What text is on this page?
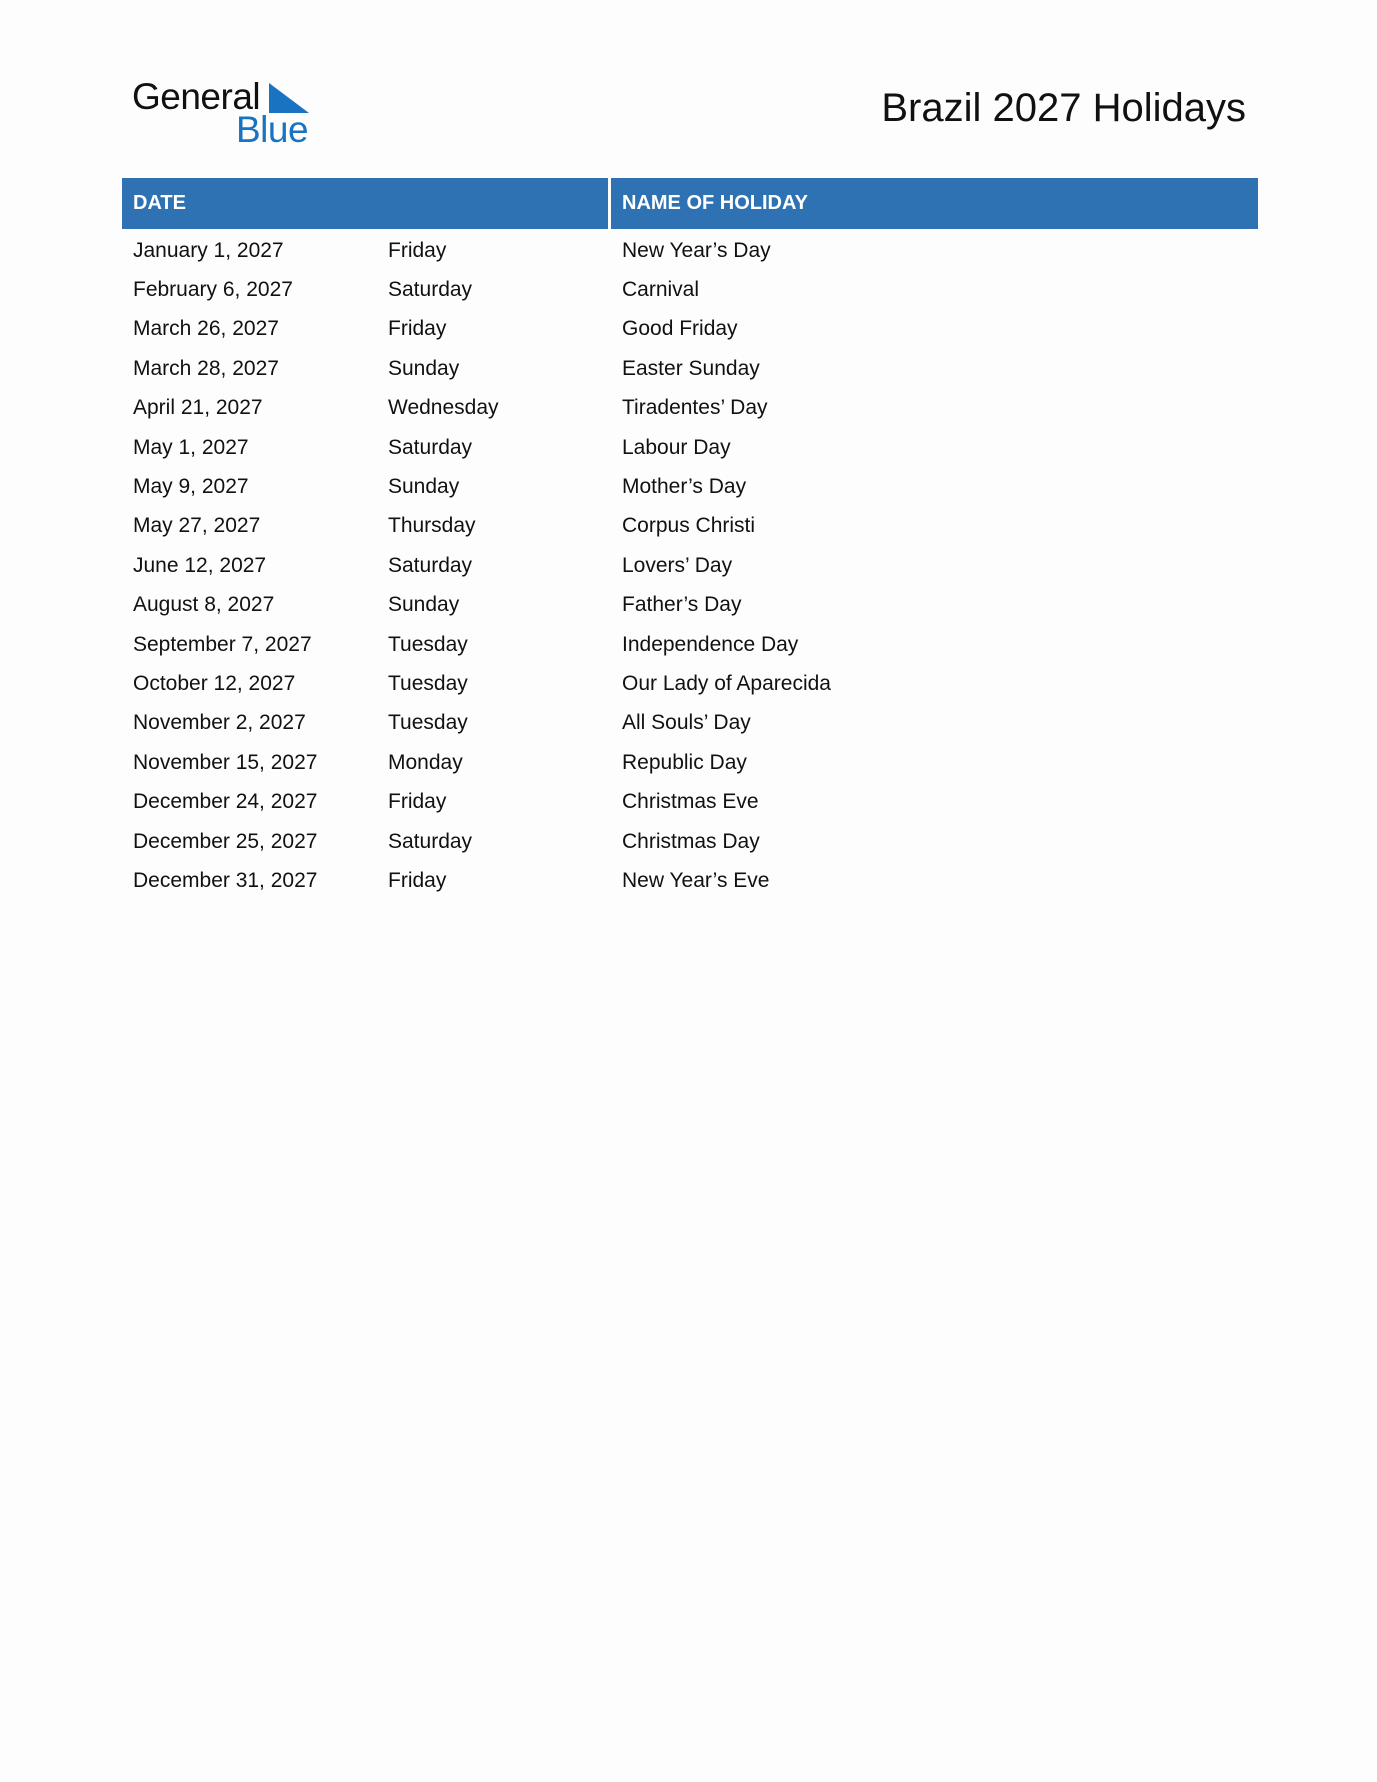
General
Blue	Brazil 2027 Holidays
DATE	NAME OF HOLIDAY
January 1, 2027	Friday	New Year’s Day
February 6, 2027	Saturday	Carnival
March 26, 2027	Friday	Good Friday
March 28, 2027	Sunday	Easter Sunday
April 21, 2027	Wednesday	Tiradentes’ Day
May 1, 2027	Saturday	Labour Day
May 9, 2027	Sunday	Mother’s Day
May 27, 2027	Thursday	Corpus Christi
June 12, 2027	Saturday	Lovers’ Day
August 8, 2027	Sunday	Father’s Day
September 7, 2027	Tuesday	Independence Day
October 12, 2027	Tuesday	Our Lady of Aparecida
November 2, 2027	Tuesday	All Souls’ Day
November 15, 2027	Monday	Republic Day
December 24, 2027	Friday	Christmas Eve
December 25, 2027	Saturday	Christmas Day
December 31, 2027	Friday	New Year’s Eve
